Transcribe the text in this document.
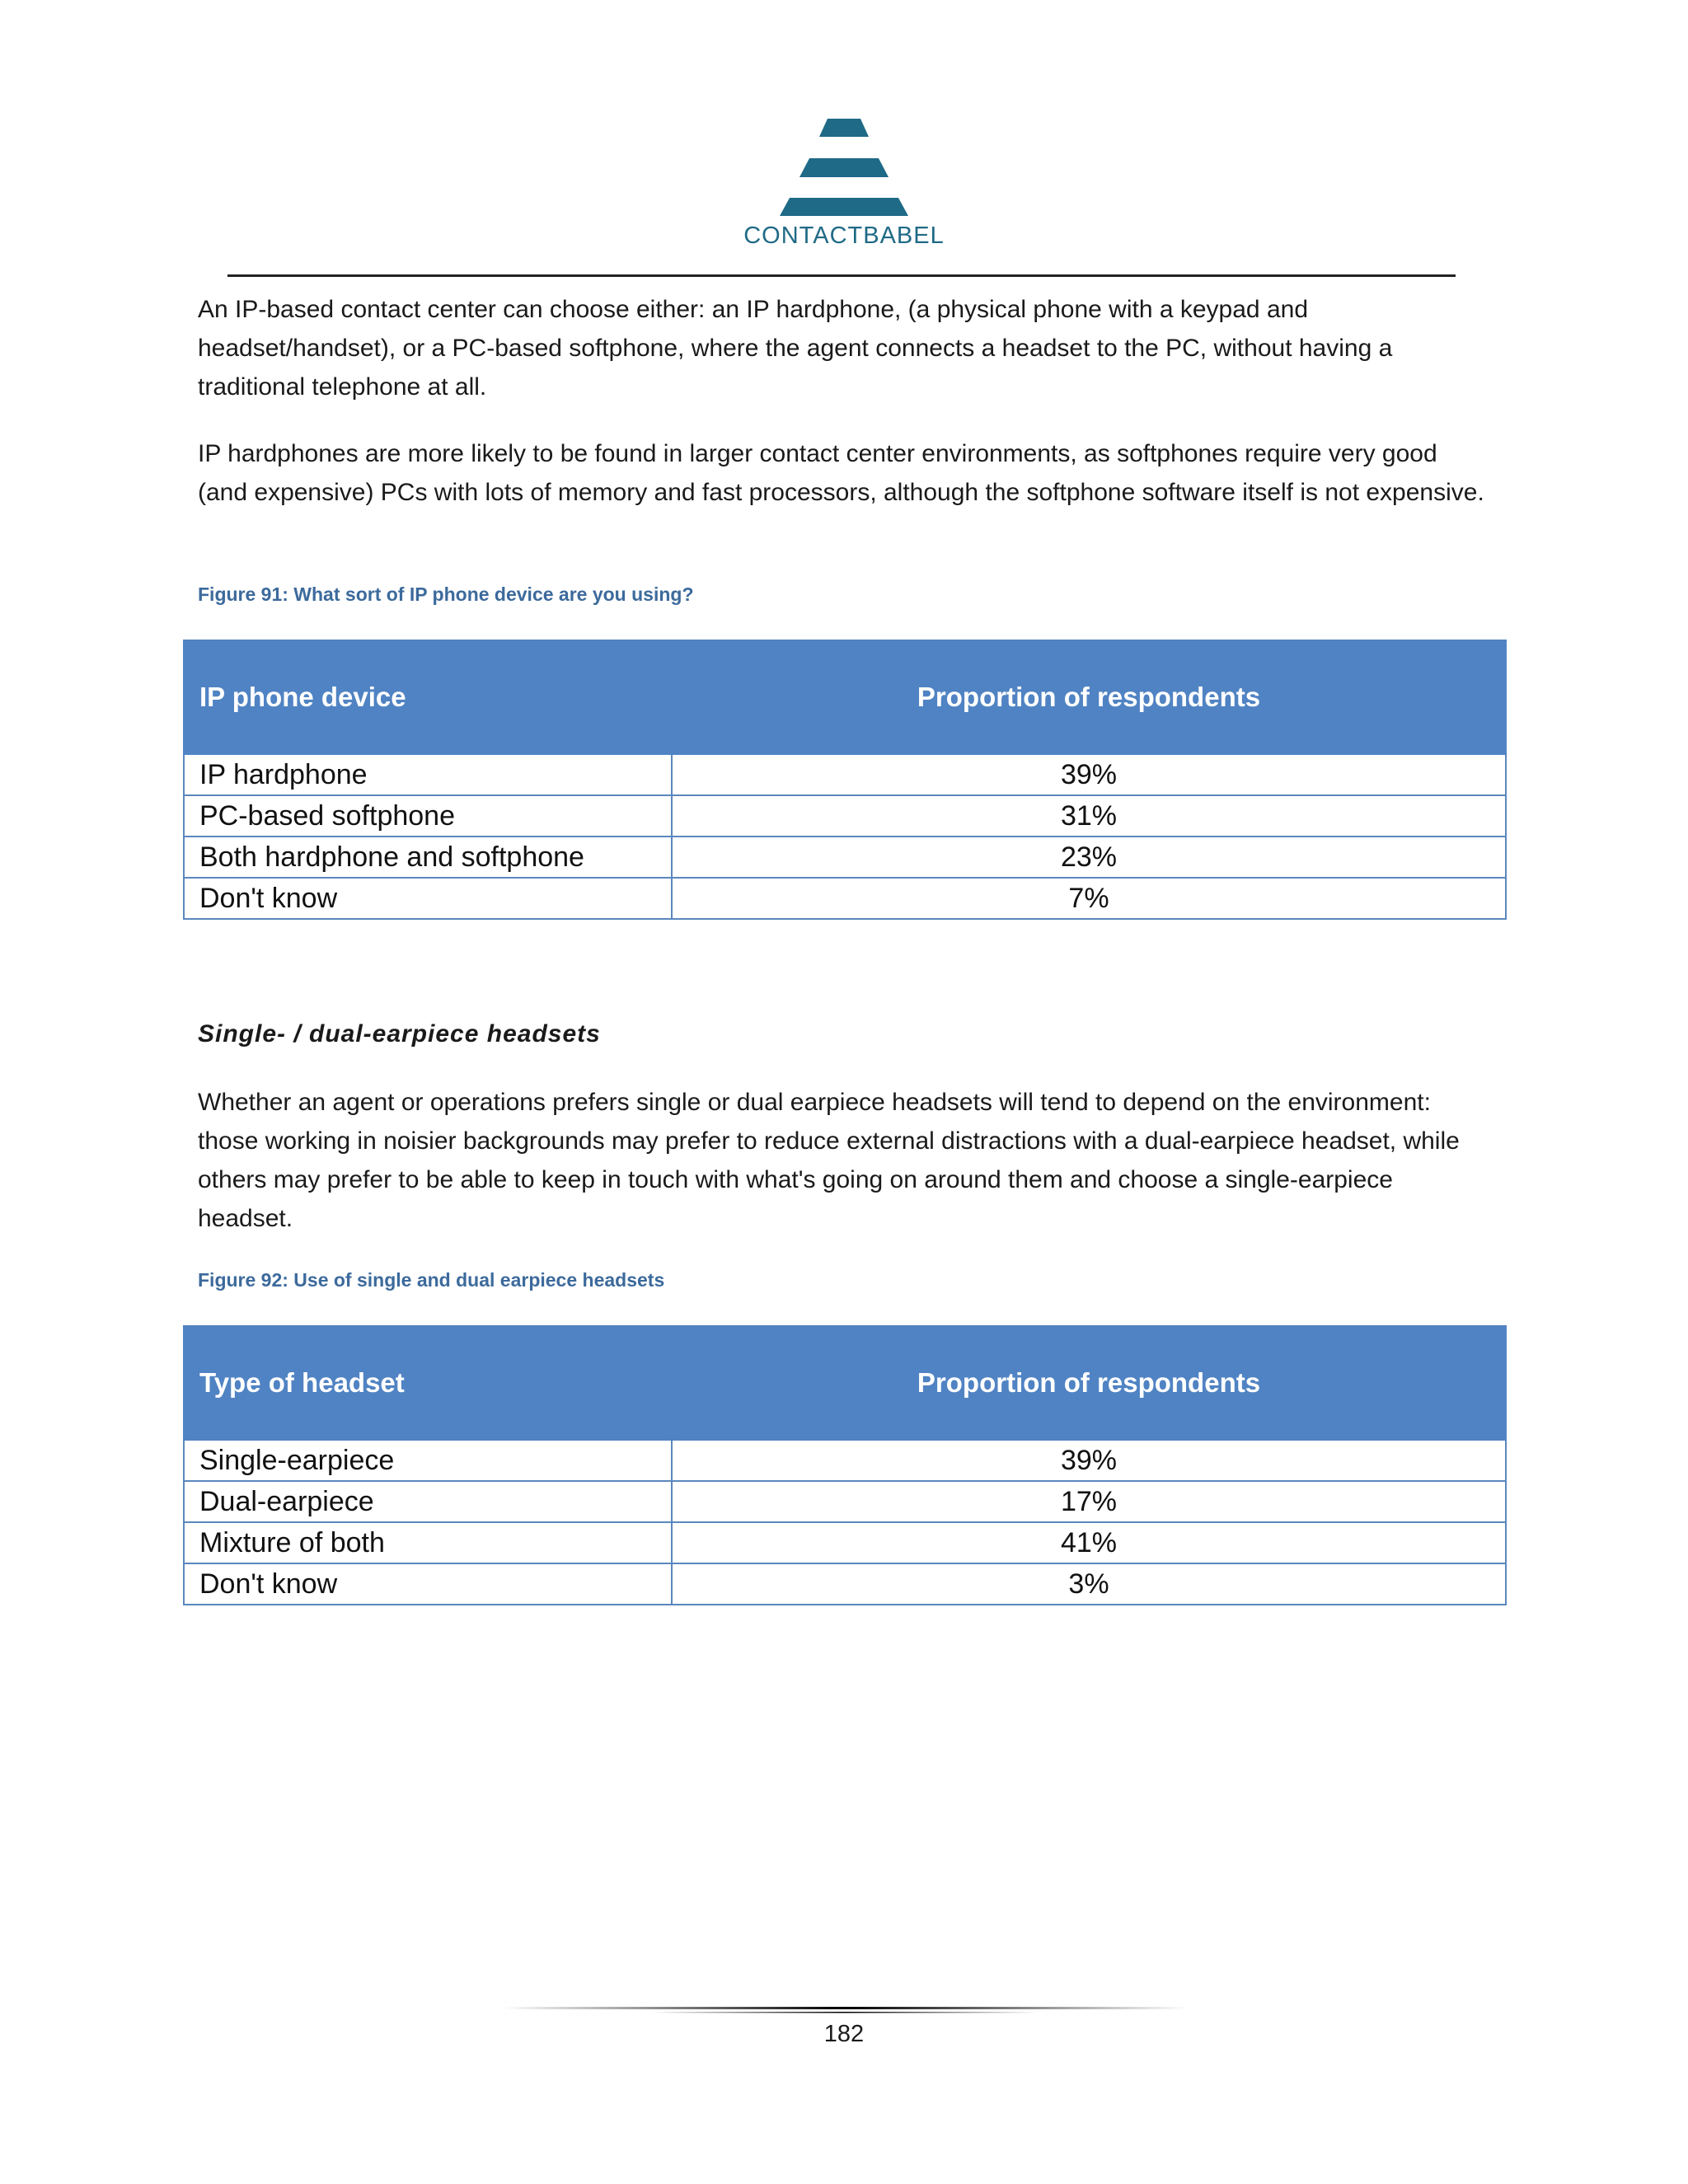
CONTACTBABEL

An IP-based contact center can choose either: an IP hardphone, (a physical phone with a keypad and headset/handset), or a PC-based softphone, where the agent connects a headset to the PC, without having a traditional telephone at all.

IP hardphones are more likely to be found in larger contact center environments, as softphones require very good (and expensive) PCs with lots of memory and fast processors, although the softphone software itself is not expensive.

Figure 91: What sort of IP phone device are you using?

IP phone device	Proportion of respondents
IP hardphone	39%
PC-based softphone	31%
Both hardphone and softphone	23%
Don't know	7%

Single- / dual-earpiece headsets

Whether an agent or operations prefers single or dual earpiece headsets will tend to depend on the environment: those working in noisier backgrounds may prefer to reduce external distractions with a dual-earpiece headset, while others may prefer to be able to keep in touch with what's going on around them and choose a single-earpiece headset.

Figure 92: Use of single and dual earpiece headsets

Type of headset	Proportion of respondents
Single-earpiece	39%
Dual-earpiece	17%
Mixture of both	41%
Don't know	3%
182
